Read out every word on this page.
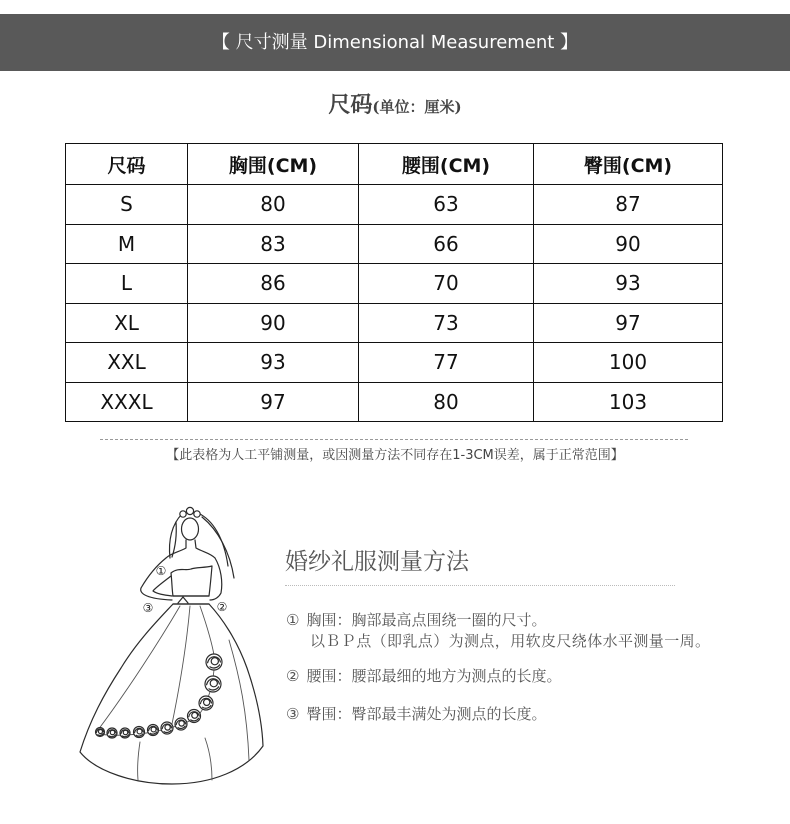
【 尺寸测量 Dimensional Measurement 】
尺码(单位：厘米)
尺码	胸围(CM)	腰围(CM)	臀围(CM)
S	80	63	87
M	83	66	90
L	86	70	93
XL	90	73	97
XXL	93	77	100
XXXL	97	80	103
【此表格为人工平铺测量，或因测量方法不同存在1-3CM误差，属于正常范围】
①
②
③
婚纱礼服测量方法
① 胸围：胸部最高点围绕一圈的尺寸。
以ＢＰ点（即乳点）为测点，用软皮尺绕体水平测量一周。
② 腰围：腰部最细的地方为测点的长度。
③ 臀围：臀部最丰满处为测点的长度。
